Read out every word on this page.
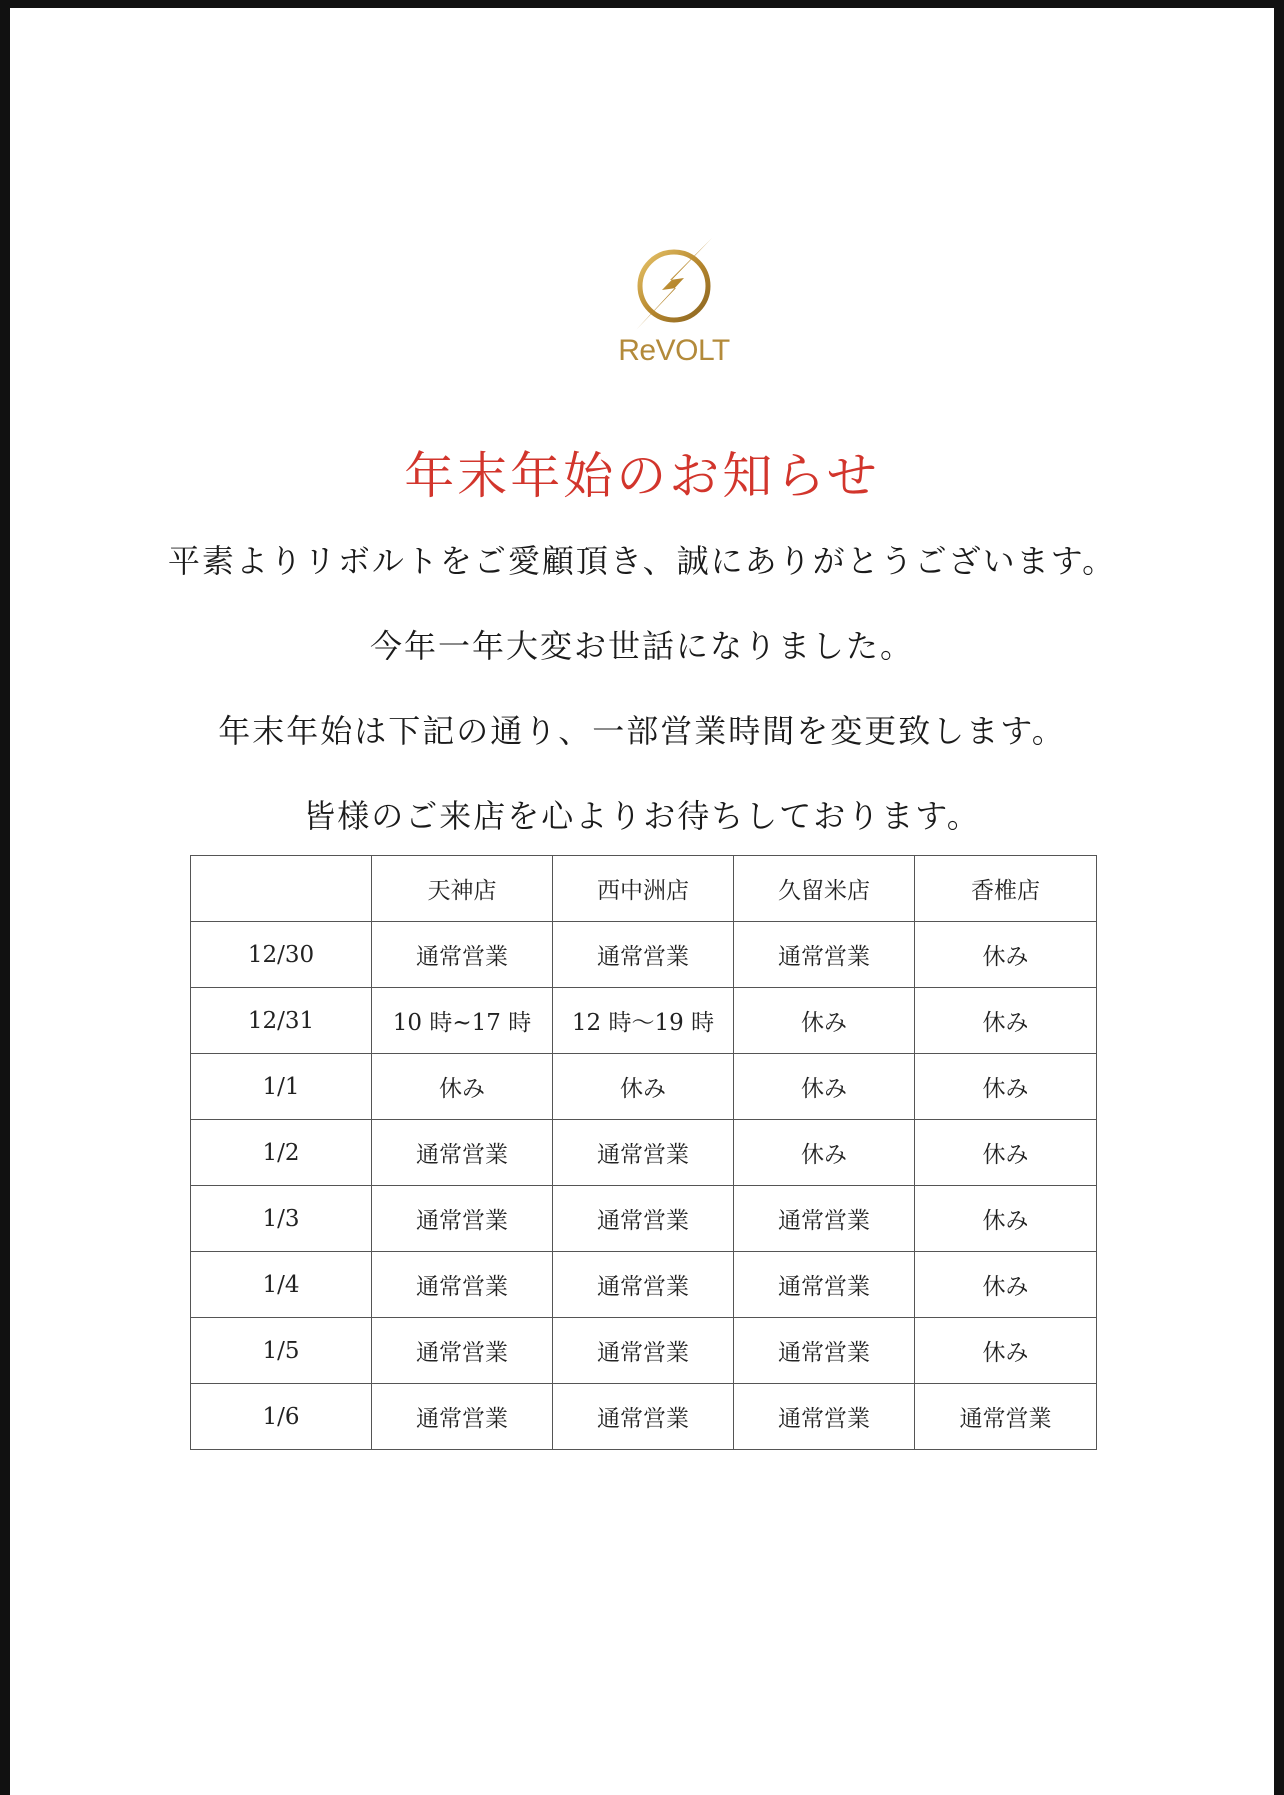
ReVOLT
年末年始のお知らせ
平素よりリボルトをご愛顧頂き、誠にありがとうございます。
今年一年大変お世話になりました。
年末年始は下記の通り、一部営業時間を変更致します。
皆様のご来店を心よりお待ちしております。
	天神店	西中洲店	久留米店	香椎店
12/30	通常営業	通常営業	通常営業	休み
12/31	10 時~17 時	12 時〜19 時	休み	休み
1/1	休み	休み	休み	休み
1/2	通常営業	通常営業	休み	休み
1/3	通常営業	通常営業	通常営業	休み
1/4	通常営業	通常営業	通常営業	休み
1/5	通常営業	通常営業	通常営業	休み
1/6	通常営業	通常営業	通常営業	通常営業
